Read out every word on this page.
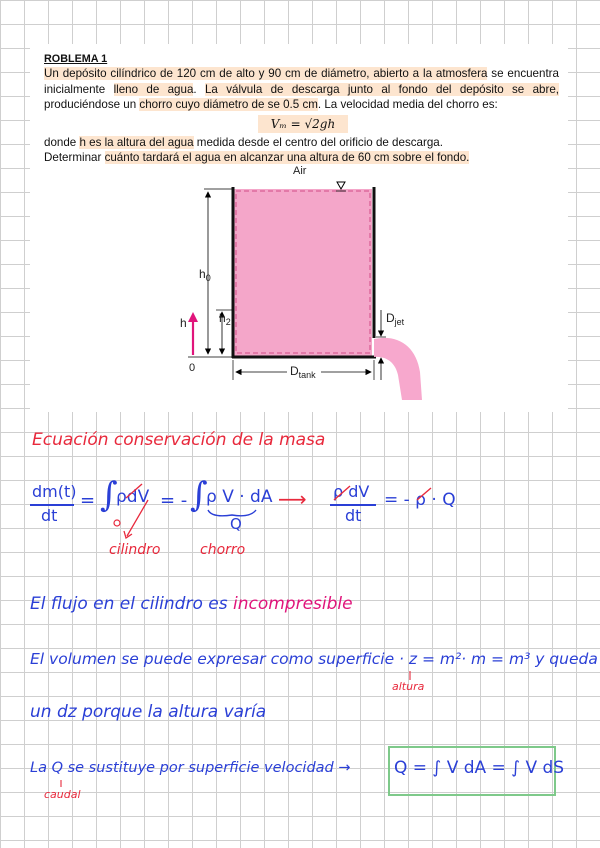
ROBLEMA 1
Un depósito cilíndrico de 120 cm de alto y 90 cm de diámetro, abierto a la atmosfera se encuentra inicialmente lleno de agua. La válvula de descarga junto al fondo del depósito se abre, produciéndose un chorro cuyo diámetro de se 0.5 cm. La velocidad media del chorro es:
Vₘ = √2gh
donde h es la altura del agua medida desde el centro del orificio de descarga.
Determinar cuánto tardará el agua en alcanzar una altura de 60 cm sobre el fondo.
Air
$h_0$
$h_2$
h
0
$D_{jet}$
$D_{tank}$
Ecuación conservación de la masa
dm(t)
dt
= ∫
ρdV = - ∫
ρ V · dA
Q
cilindro	chorro
⟶ ρ dV
dt
= - ρ · Q
El flujo en el cilindro es incompresible
El volumen se puede expresar como superficie · z = m²· m = m³ y queda
altura
un dz porque la altura varía
La Q se sustituye por superficie velocidad →
caudal
Q = ∫ V dA = ∫ V dS
